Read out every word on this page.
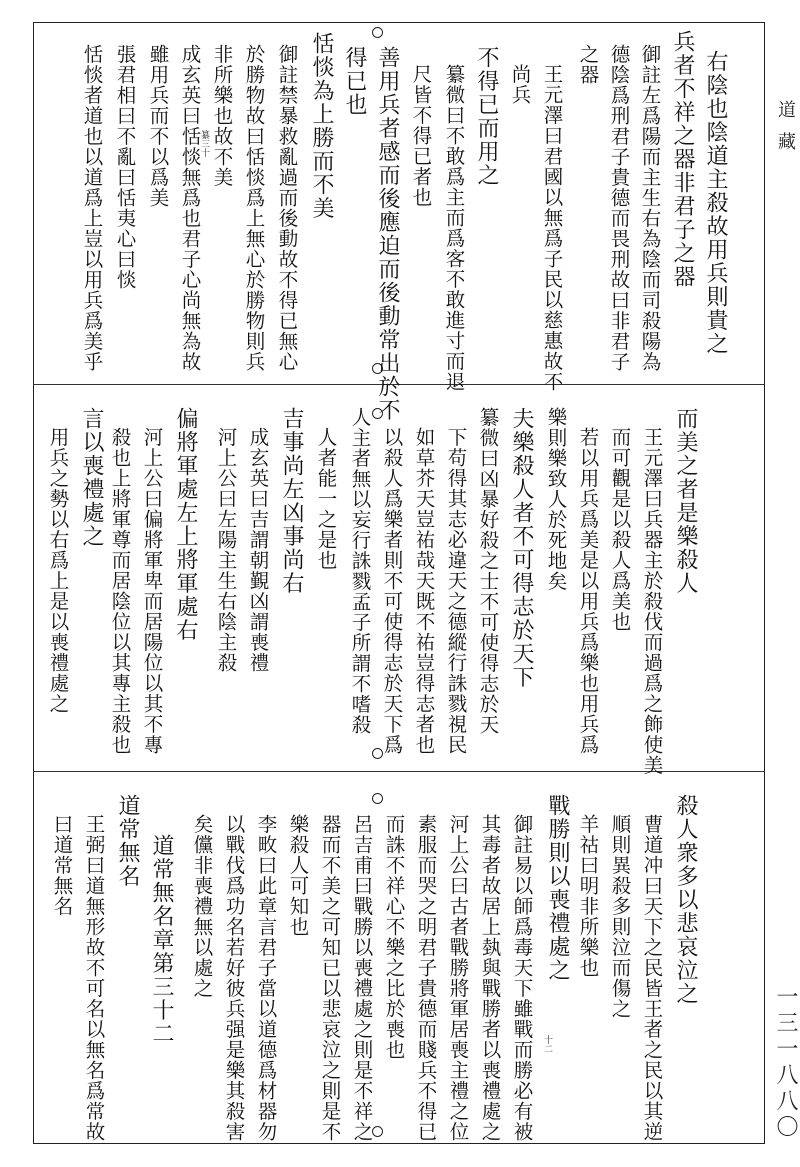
道藏
一三一八八〇
纂三十
十二
右陰也陰道主殺故用兵則貴之
兵者不祥之器非君子之器
御註左爲陽而主生右為陰而司殺陽為
德陰爲刑君子貴德而畏刑故曰非君子
之器
王元澤曰君國以無爲子民以慈惠故不
尚兵
不得已而用之
纂微曰不敢爲主而爲客不敢進寸而退
尺皆不得已者也
善用兵者感而後應迫而後動常出於不
得已也
恬惔為上勝而不美
御註禁暴救亂過而後動故不得已無心
於勝物故曰恬惔爲上無心於勝物則兵
非所樂也故不美
成玄英曰恬惔無爲也君子心尚無為故
雖用兵而不以爲美
張君相曰不亂曰恬夷心曰惔
恬惔者道也以道爲上豈以用兵爲美乎
而美之者是樂殺人
王元澤曰兵器主於殺伐而過爲之飾使美
而可觀是以殺人爲美也
若以用兵爲美是以用兵爲樂也用兵爲
樂則樂致人於死地矣
夫樂殺人者不可得志於天下
纂微曰凶暴好殺之士不可使得志於天
下苟得其志必違天之德縱行誅戮視民
如草芥天豈祐哉天既不祐豈得志者也
以殺人爲樂者則不可使得志於天下爲
人主者無以妄行誅戮孟子所謂不嗜殺
人者能一之是也
吉事尚左凶事尚右
成玄英曰吉謂朝覲凶謂喪禮
河上公曰左陽主生右陰主殺
偏將軍處左上將軍處右
河上公曰偏將軍卑而居陽位以其不專
殺也上將軍尊而居陰位以其專主殺也
言以喪禮處之
用兵之勢以右爲上是以喪禮處之
殺人衆多以悲哀泣之
曹道冲曰天下之民皆王者之民以其逆
順則異殺多則泣而傷之
羊祜曰明非所樂也
戰勝則以喪禮處之
御註易以師爲毒天下雖戰而勝必有被
其毒者故居上埶與戰勝者以喪禮處之
河上公曰古者戰勝將軍居喪主禮之位
素服而哭之明君子貴德而賤兵不得已
而誅不祥心不樂之比於喪也
呂吉甫曰戰勝以喪禮處之則是不祥之
器而不美之可知已以悲哀泣之則是不
樂殺人可知也
李畋曰此章言君子當以道德爲材器勿
以戰伐爲功名若好彼兵强是樂其殺害
矣儻非喪禮無以處之
道常無名章第三十二
道常無名
王弼曰道無形故不可名以無名爲常故
曰道常無名
